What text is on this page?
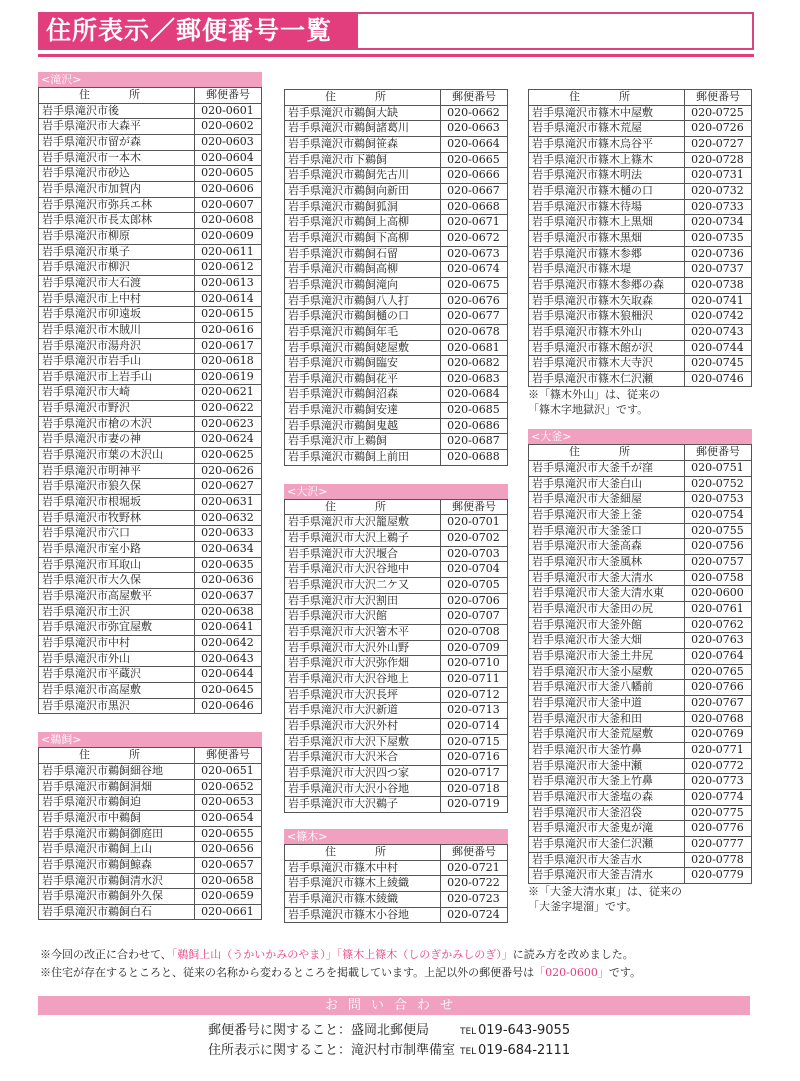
住所表示／郵便番号一覧
<滝沢>
住　所	郵便番号
岩手県滝沢市後	020-0601
岩手県滝沢市大森平	020-0602
岩手県滝沢市留が森	020-0603
岩手県滝沢市一本木	020-0604
岩手県滝沢市砂込	020-0605
岩手県滝沢市加賀内	020-0606
岩手県滝沢市弥兵エ林	020-0607
岩手県滝沢市長太郎林	020-0608
岩手県滝沢市柳原	020-0609
岩手県滝沢市巣子	020-0611
岩手県滝沢市柳沢	020-0612
岩手県滝沢市大石渡	020-0613
岩手県滝沢市上中村	020-0614
岩手県滝沢市卯遠坂	020-0615
岩手県滝沢市木賊川	020-0616
岩手県滝沢市湯舟沢	020-0617
岩手県滝沢市岩手山	020-0618
岩手県滝沢市上岩手山	020-0619
岩手県滝沢市大崎	020-0621
岩手県滝沢市野沢	020-0622
岩手県滝沢市槍の木沢	020-0623
岩手県滝沢市妻の神	020-0624
岩手県滝沢市葉の木沢山	020-0625
岩手県滝沢市明神平	020-0626
岩手県滝沢市狼久保	020-0627
岩手県滝沢市根堀坂	020-0631
岩手県滝沢市牧野林	020-0632
岩手県滝沢市穴口	020-0633
岩手県滝沢市室小路	020-0634
岩手県滝沢市耳取山	020-0635
岩手県滝沢市大久保	020-0636
岩手県滝沢市高屋敷平	020-0637
岩手県滝沢市土沢	020-0638
岩手県滝沢市弥宜屋敷	020-0641
岩手県滝沢市中村	020-0642
岩手県滝沢市外山	020-0643
岩手県滝沢市平蔵沢	020-0644
岩手県滝沢市高屋敷	020-0645
岩手県滝沢市黒沢	020-0646
<鵜飼>
住　所	郵便番号
岩手県滝沢市鵜飼細谷地	020-0651
岩手県滝沢市鵜飼洞畑	020-0652
岩手県滝沢市鵜飼迫	020-0653
岩手県滝沢市中鵜飼	020-0654
岩手県滝沢市鵜飼御庭田	020-0655
岩手県滝沢市鵜飼上山	020-0656
岩手県滝沢市鵜飼鯨森	020-0657
岩手県滝沢市鵜飼清水沢	020-0658
岩手県滝沢市鵜飼外久保	020-0659
岩手県滝沢市鵜飼白石	020-0661
住　所	郵便番号
岩手県滝沢市鵜飼大缺	020-0662
岩手県滝沢市鵜飼諸葛川	020-0663
岩手県滝沢市鵜飼笹森	020-0664
岩手県滝沢市下鵜飼	020-0665
岩手県滝沢市鵜飼先古川	020-0666
岩手県滝沢市鵜飼向新田	020-0667
岩手県滝沢市鵜飼狐洞	020-0668
岩手県滝沢市鵜飼上高柳	020-0671
岩手県滝沢市鵜飼下高柳	020-0672
岩手県滝沢市鵜飼石留	020-0673
岩手県滝沢市鵜飼高柳	020-0674
岩手県滝沢市鵜飼滝向	020-0675
岩手県滝沢市鵜飼八人打	020-0676
岩手県滝沢市鵜飼樋の口	020-0677
岩手県滝沢市鵜飼年毛	020-0678
岩手県滝沢市鵜飼姥屋敷	020-0681
岩手県滝沢市鵜飼臨安	020-0682
岩手県滝沢市鵜飼花平	020-0683
岩手県滝沢市鵜飼沼森	020-0684
岩手県滝沢市鵜飼安達	020-0685
岩手県滝沢市鵜飼鬼越	020-0686
岩手県滝沢市上鵜飼	020-0687
岩手県滝沢市鵜飼上前田	020-0688
<大沢>
住　所	郵便番号
岩手県滝沢市大沢籠屋敷	020-0701
岩手県滝沢市大沢上鵜子	020-0702
岩手県滝沢市大沢堰合	020-0703
岩手県滝沢市大沢谷地中	020-0704
岩手県滝沢市大沢二ケ又	020-0705
岩手県滝沢市大沢割田	020-0706
岩手県滝沢市大沢館	020-0707
岩手県滝沢市大沢箸木平	020-0708
岩手県滝沢市大沢外山野	020-0709
岩手県滝沢市大沢弥作畑	020-0710
岩手県滝沢市大沢谷地上	020-0711
岩手県滝沢市大沢長坪	020-0712
岩手県滝沢市大沢新道	020-0713
岩手県滝沢市大沢外村	020-0714
岩手県滝沢市大沢下屋敷	020-0715
岩手県滝沢市大沢米合	020-0716
岩手県滝沢市大沢四つ家	020-0717
岩手県滝沢市大沢小谷地	020-0718
岩手県滝沢市大沢鵜子	020-0719
<篠木>
住　所	郵便番号
岩手県滝沢市篠木中村	020-0721
岩手県滝沢市篠木上綾織	020-0722
岩手県滝沢市篠木綾織	020-0723
岩手県滝沢市篠木小谷地	020-0724
住　所	郵便番号
岩手県滝沢市篠木中屋敷	020-0725
岩手県滝沢市篠木荒屋	020-0726
岩手県滝沢市篠木烏谷平	020-0727
岩手県滝沢市篠木上篠木	020-0728
岩手県滝沢市篠木明法	020-0731
岩手県滝沢市篠木樋の口	020-0732
岩手県滝沢市篠木待場	020-0733
岩手県滝沢市篠木上黒畑	020-0734
岩手県滝沢市篠木黒畑	020-0735
岩手県滝沢市篠木参郷	020-0736
岩手県滝沢市篠木堤	020-0737
岩手県滝沢市篠木参郷の森	020-0738
岩手県滝沢市篠木矢取森	020-0741
岩手県滝沢市篠木狼柵沢	020-0742
岩手県滝沢市篠木外山	020-0743
岩手県滝沢市篠木館が沢	020-0744
岩手県滝沢市篠木大寺沢	020-0745
岩手県滝沢市篠木仁沢瀬	020-0746
※「篠木外山」は、従来の
「篠木字地獄沢」です。
<大釜>
住　所	郵便番号
岩手県滝沢市大釜千が窪	020-0751
岩手県滝沢市大釜白山	020-0752
岩手県滝沢市大釜細屋	020-0753
岩手県滝沢市大釜上釜	020-0754
岩手県滝沢市大釜釜口	020-0755
岩手県滝沢市大釜高森	020-0756
岩手県滝沢市大釜風林	020-0757
岩手県滝沢市大釜大清水	020-0758
岩手県滝沢市大釜大清水東	020-0600
岩手県滝沢市大釜田の尻	020-0761
岩手県滝沢市大釜外館	020-0762
岩手県滝沢市大釜大畑	020-0763
岩手県滝沢市大釜土井尻	020-0764
岩手県滝沢市大釜小屋敷	020-0765
岩手県滝沢市大釜八幡前	020-0766
岩手県滝沢市大釜中道	020-0767
岩手県滝沢市大釜和田	020-0768
岩手県滝沢市大釜荒屋敷	020-0769
岩手県滝沢市大釜竹鼻	020-0771
岩手県滝沢市大釜中瀬	020-0772
岩手県滝沢市大釜上竹鼻	020-0773
岩手県滝沢市大釜塩の森	020-0774
岩手県滝沢市大釜沼袋	020-0775
岩手県滝沢市大釜鬼が滝	020-0776
岩手県滝沢市大釜仁沢瀬	020-0777
岩手県滝沢市大釜吉水	020-0778
岩手県滝沢市大釜吉清水	020-0779
※「大釜大清水東」は、従来の
「大釜字堤溜」です。
※今回の改正に合わせて、「鵜飼上山（うかいかみのやま）」「篠木上篠木（しのぎかみしのぎ）」に読み方を改めました。
※住宅が存在するところと、従来の名称から変わるところを掲載しています。上記以外の郵便番号は「020-0600」です。
お問い合わせ
郵便番号に関すること：盛岡北郵便局	TEL 019-643-9055
住所表示に関すること：滝沢村市制準備室 TEL 019-684-2111
